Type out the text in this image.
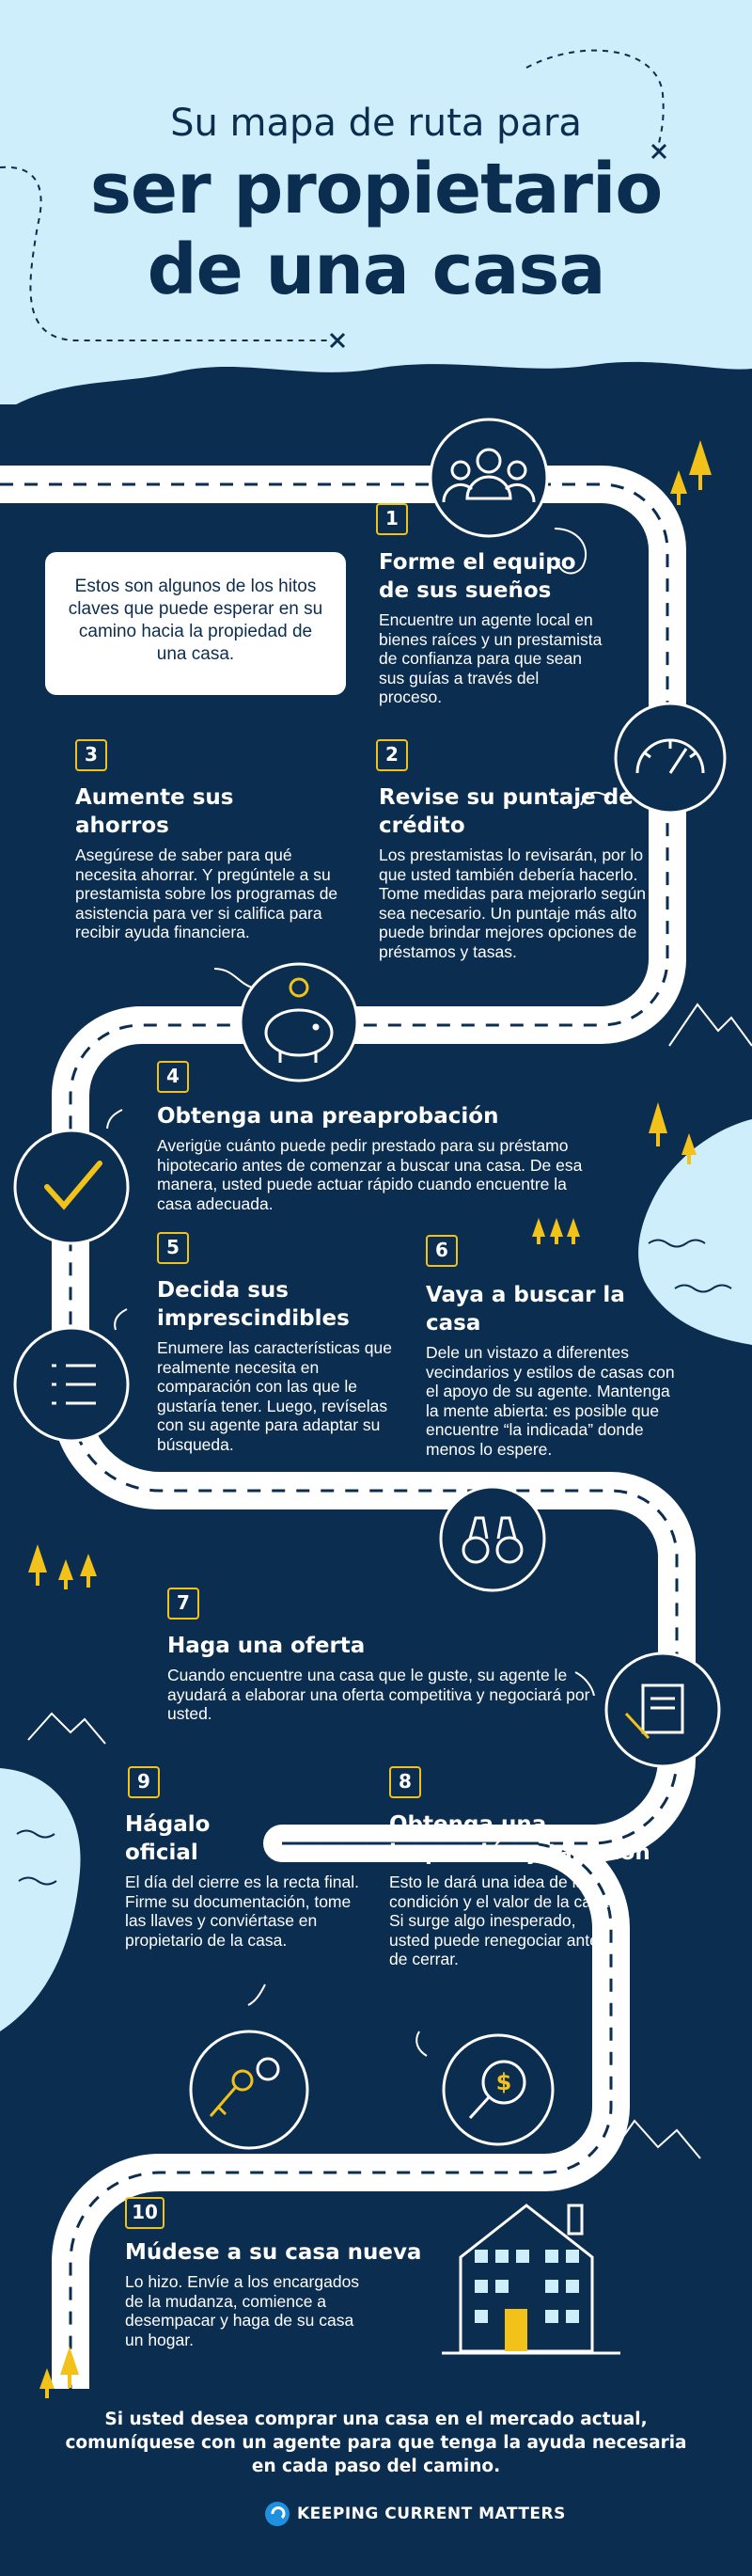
$
Su mapa de ruta para
ser propietario
de una casa
Estos son algunos de los hitos claves que puede esperar en su camino hacia la propiedad de una casa.
1
Forme el equipo de sus sueños
Encuentre un agente local en bienes raíces y un prestamista de confianza para que sean sus guías a través del proceso.
2
Revise su puntaje de crédito
Los prestamistas lo revisarán, por lo que usted también debería hacerlo. Tome medidas para mejorarlo según sea necesario. Un puntaje más alto puede brindar mejores opciones de préstamos y tasas.
3
Aumente sus ahorros
Asegúrese de saber para qué necesita ahorrar. Y pregúntele a su prestamista sobre los programas de asistencia para ver si califica para recibir ayuda financiera.
4
Obtenga una preaprobación
Averigüe cuánto puede pedir prestado para su préstamo hipotecario antes de comenzar a buscar una casa. De esa manera, usted puede actuar rápido cuando encuentre la casa adecuada.
5
Decida sus imprescindibles
Enumere las características que realmente necesita en comparación con las que le gustaría tener. Luego, revíselas con su agente para adaptar su búsqueda.
6
Vaya a buscar la casa
Dele un vistazo a diferentes vecindarios y estilos de casas con el apoyo de su agente. Mantenga la mente abierta: es posible que encuentre “la indicada” donde menos lo espere.
7
Haga una oferta
Cuando encuentre una casa que le guste, su agente le ayudará a elaborar una oferta competitiva y negociará por usted.
8
Obtenga una inspección y tasación
Esto le dará una idea de la condición y el valor de la casa. Si surge algo inesperado, usted puede renegociar antes de cerrar.
9
Hágalo oficial
El día del cierre es la recta final. Firme su documentación, tome las llaves y conviértase en propietario de la casa.
10
Múdese a su casa nueva
Lo hizo. Envíe a los encargados de la mudanza, comience a desempacar y haga de su casa un hogar.
Si usted desea comprar una casa en el mercado actual, comuníquese con un agente para que tenga la ayuda necesaria en cada paso del camino.
KEEPING CURRENT MATTERS
